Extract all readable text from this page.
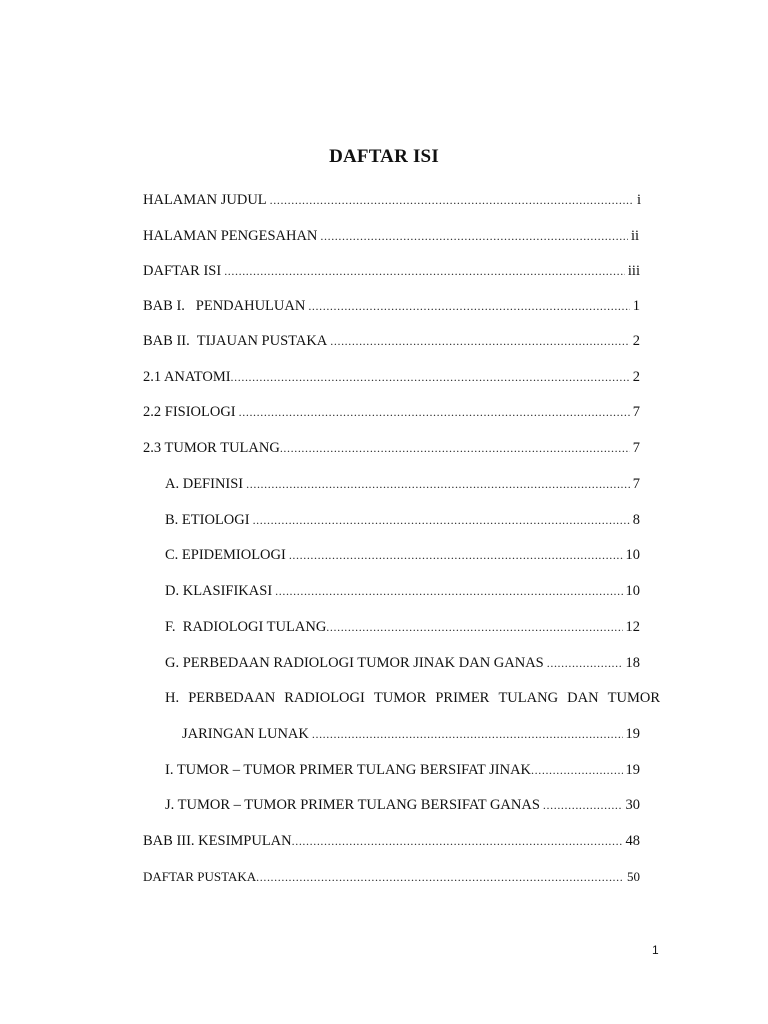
DAFTAR ISI
HALAMAN JUDUL .....	i
HALAMAN PENGESAHAN .....	ii
DAFTAR ISI .....	iii
BAB I.   PENDAHULUAN .....	1
BAB II.  TIJAUAN PUSTAKA .....	2
2.1 ANATOMI .....	2
2.2 FISIOLOGI .....	7
2.3 TUMOR TULANG .....	7
A. DEFINISI .....	7
B. ETIOLOGI .....	8
C. EPIDEMIOLOGI .....	10
D. KLASIFIKASI .....	10
F.  RADIOLOGI TULANG .....	12
G. PERBEDAAN RADIOLOGI TUMOR JINAK DAN GANAS .....	18
H. PERBEDAAN RADIOLOGI TUMOR PRIMER TULANG DAN TUMOR
JARINGAN LUNAK .....	19
I. TUMOR – TUMOR PRIMER TULANG BERSIFAT JINAK .....	19
J. TUMOR – TUMOR PRIMER TULANG BERSIFAT GANAS .....	30
BAB III. KESIMPULAN .....	48
DAFTAR PUSTAKA .....	50
1
